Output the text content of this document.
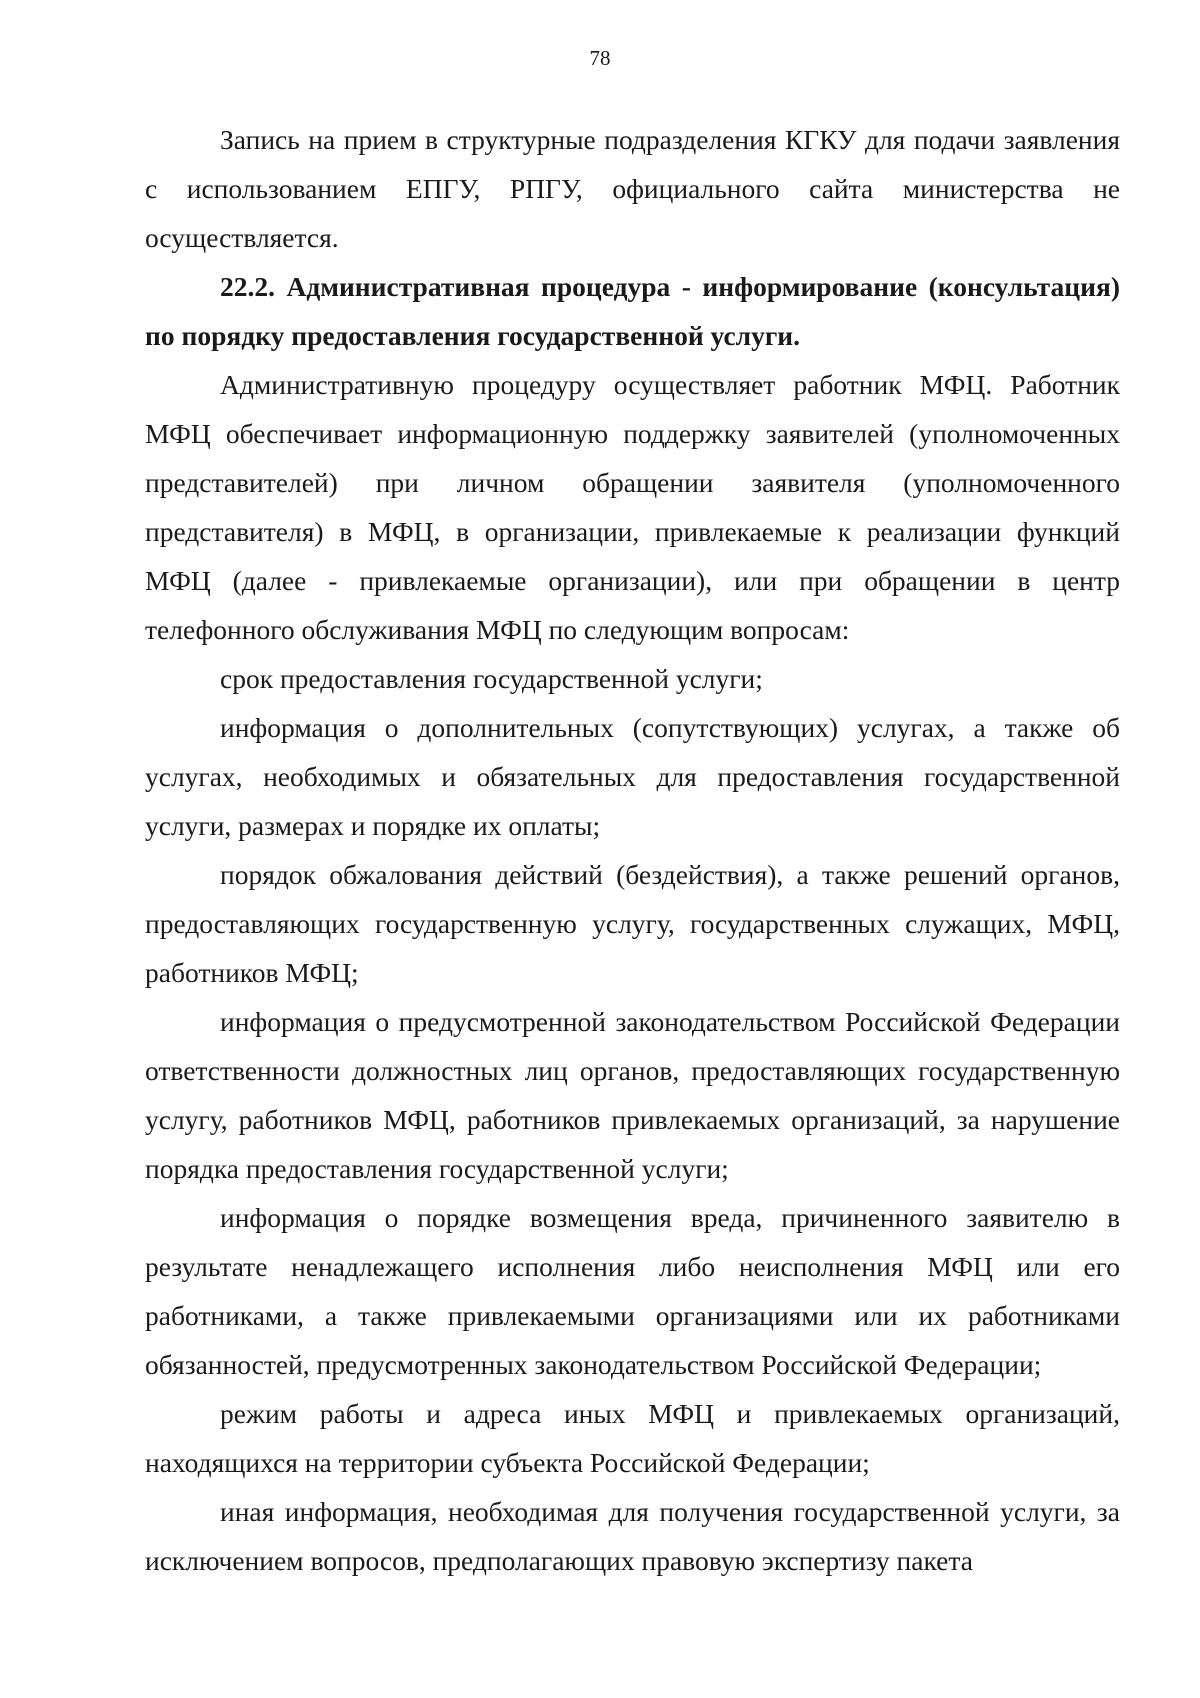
78

Запись на прием в структурные подразделения КГКУ для подачи заявления с использованием ЕПГУ, РПГУ, официального сайта министерства не осуществляется.

22.2. Административная процедура - информирование (консультация) по порядку предоставления государственной услуги.

Административную процедуру осуществляет работник МФЦ. Работник МФЦ обеспечивает информационную поддержку заявителей (уполномоченных представителей) при личном обращении заявителя (уполномоченного представителя) в МФЦ, в организации, привлекаемые к реализации функций МФЦ (далее - привлекаемые организации), или при обращении в центр телефонного обслуживания МФЦ по следующим вопросам:

срок предоставления государственной услуги;

информация о дополнительных (сопутствующих) услугах, а также об услугах, необходимых и обязательных для предоставления государственной услуги, размерах и порядке их оплаты;

порядок обжалования действий (бездействия), а также решений органов, предоставляющих государственную услугу, государственных служащих, МФЦ, работников МФЦ;

информация о предусмотренной законодательством Российской Федерации ответственности должностных лиц органов, предоставляющих государственную услугу, работников МФЦ, работников привлекаемых организаций, за нарушение порядка предоставления государственной услуги;

информация о порядке возмещения вреда, причиненного заявителю в результате ненадлежащего исполнения либо неисполнения МФЦ или его работниками, а также привлекаемыми организациями или их работниками обязанностей, предусмотренных законодательством Российской Федерации;

режим работы и адреса иных МФЦ и привлекаемых организаций, находящихся на территории субъекта Российской Федерации;

иная информация, необходимая для получения государственной услуги, за исключением вопросов, предполагающих правовую экспертизу пакета
